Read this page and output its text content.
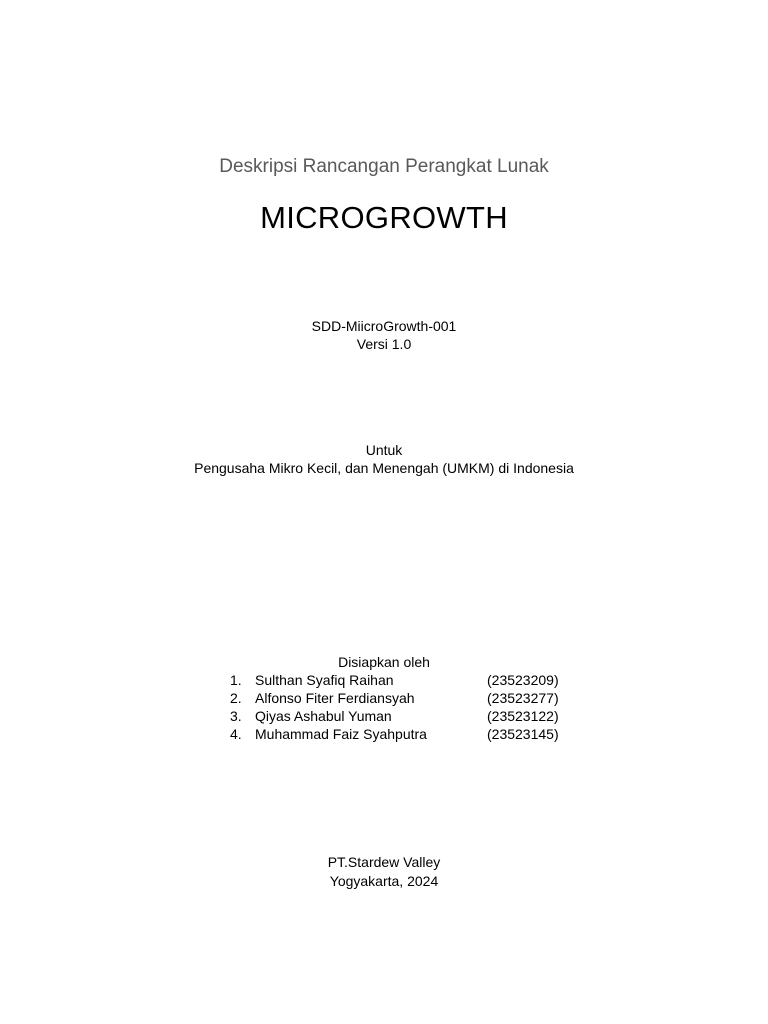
Deskripsi Rancangan Perangkat Lunak
MICROGROWTH
SDD-MiicroGrowth-001
Versi 1.0
Untuk
Pengusaha Mikro Kecil, dan Menengah (UMKM) di Indonesia
Disiapkan oleh
1. Sulthan Syafiq Raihan	(23523209)
2. Alfonso Fiter Ferdiansyah	(23523277)
3. Qiyas Ashabul Yuman	(23523122)
4. Muhammad Faiz Syahputra	(23523145)
PT.Stardew Valley
Yogyakarta, 2024
